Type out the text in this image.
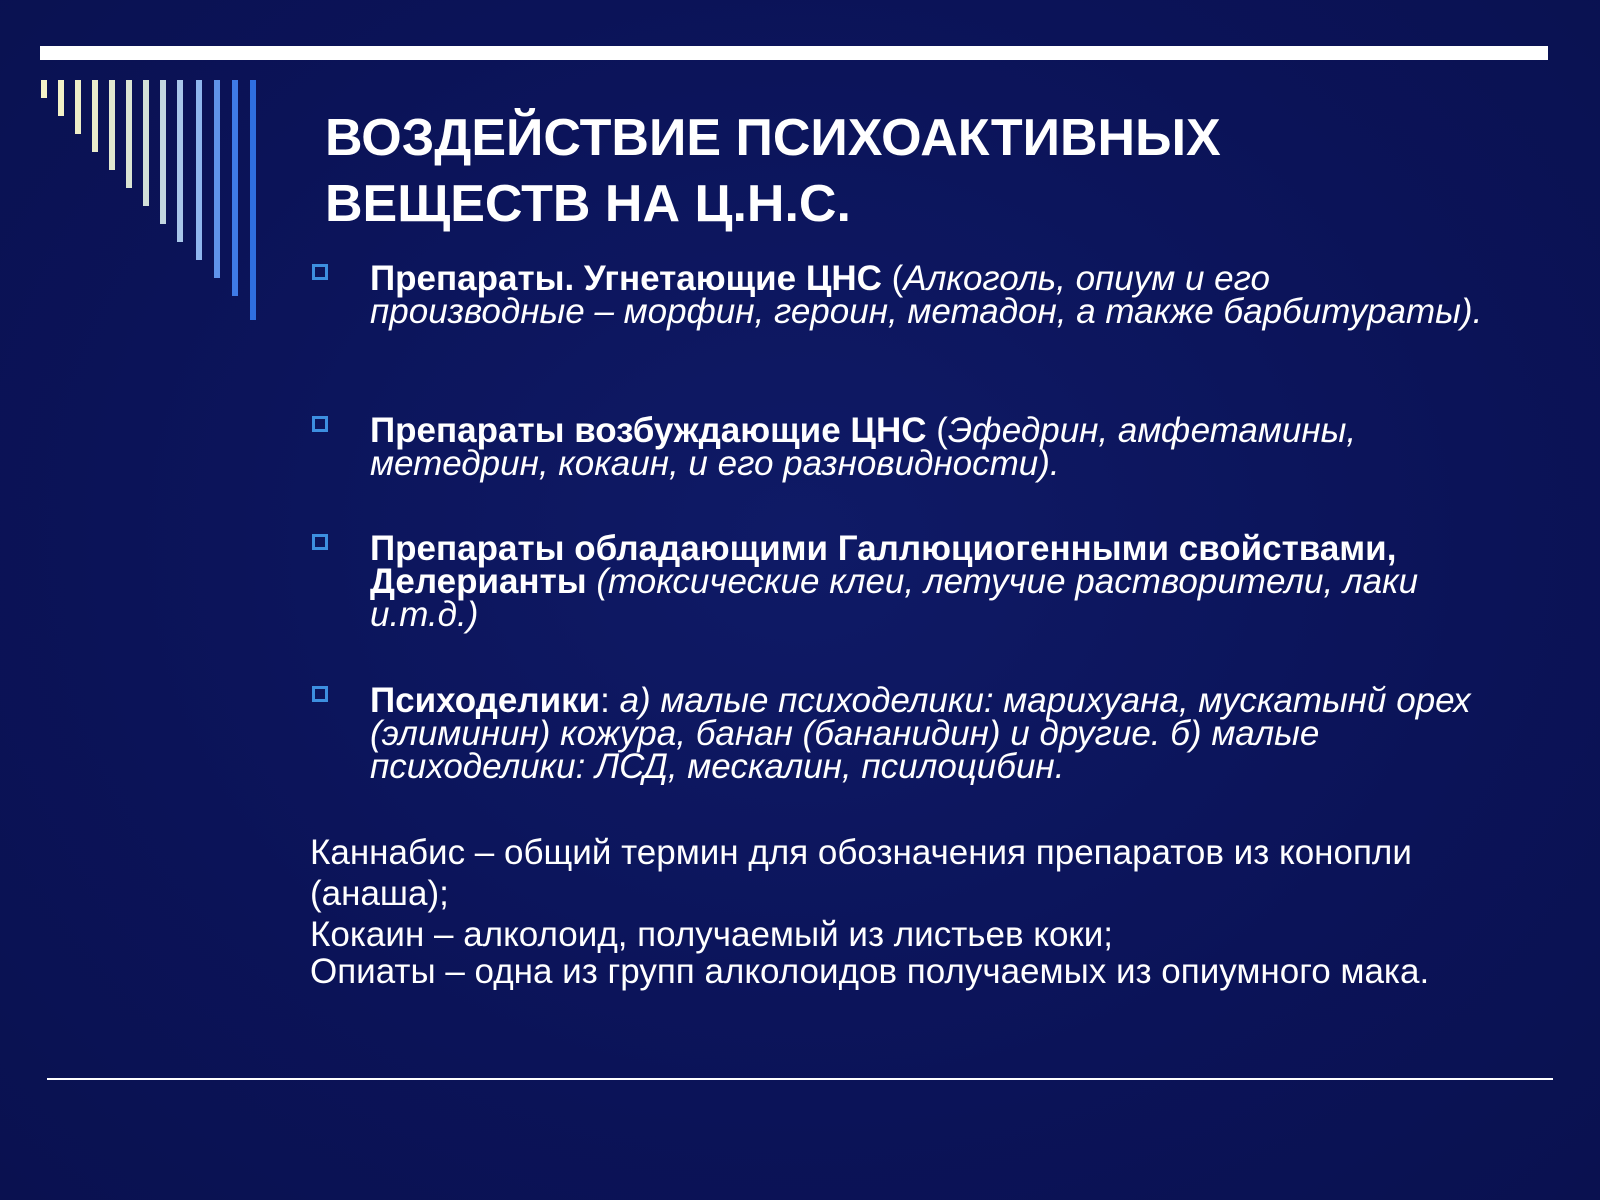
ВОЗДЕЙСТВИЕ ПСИХОАКТИВНЫХ
ВЕЩЕСТВ НА Ц.Н.С.

Препараты. Угнетающие ЦНС (Алкоголь, опиум и его производные – морфин, героин, метадон, а также барбитураты).

Препараты возбуждающие ЦНС (Эфедрин, амфетамины, метедрин, кокаин, и его разновидности).

Препараты обладающими Галлюциогенными свойствами, Делерианты (токсические клеи, летучие растворители, лаки и.т.д.)

Психоделики: а) малые психоделики: марихуана, мускатынй орех (элиминин) кожура, банан (бананидин) и другие. б) малые психоделики: ЛСД, мескалин, псилоцибин.

Каннабис – общий термин для обозначения препаратов из конопли (анаша);

Кокаин – алколоид, получаемый из листьев коки;

Опиаты – одна из групп алколоидов получаемых из опиумного мака.
